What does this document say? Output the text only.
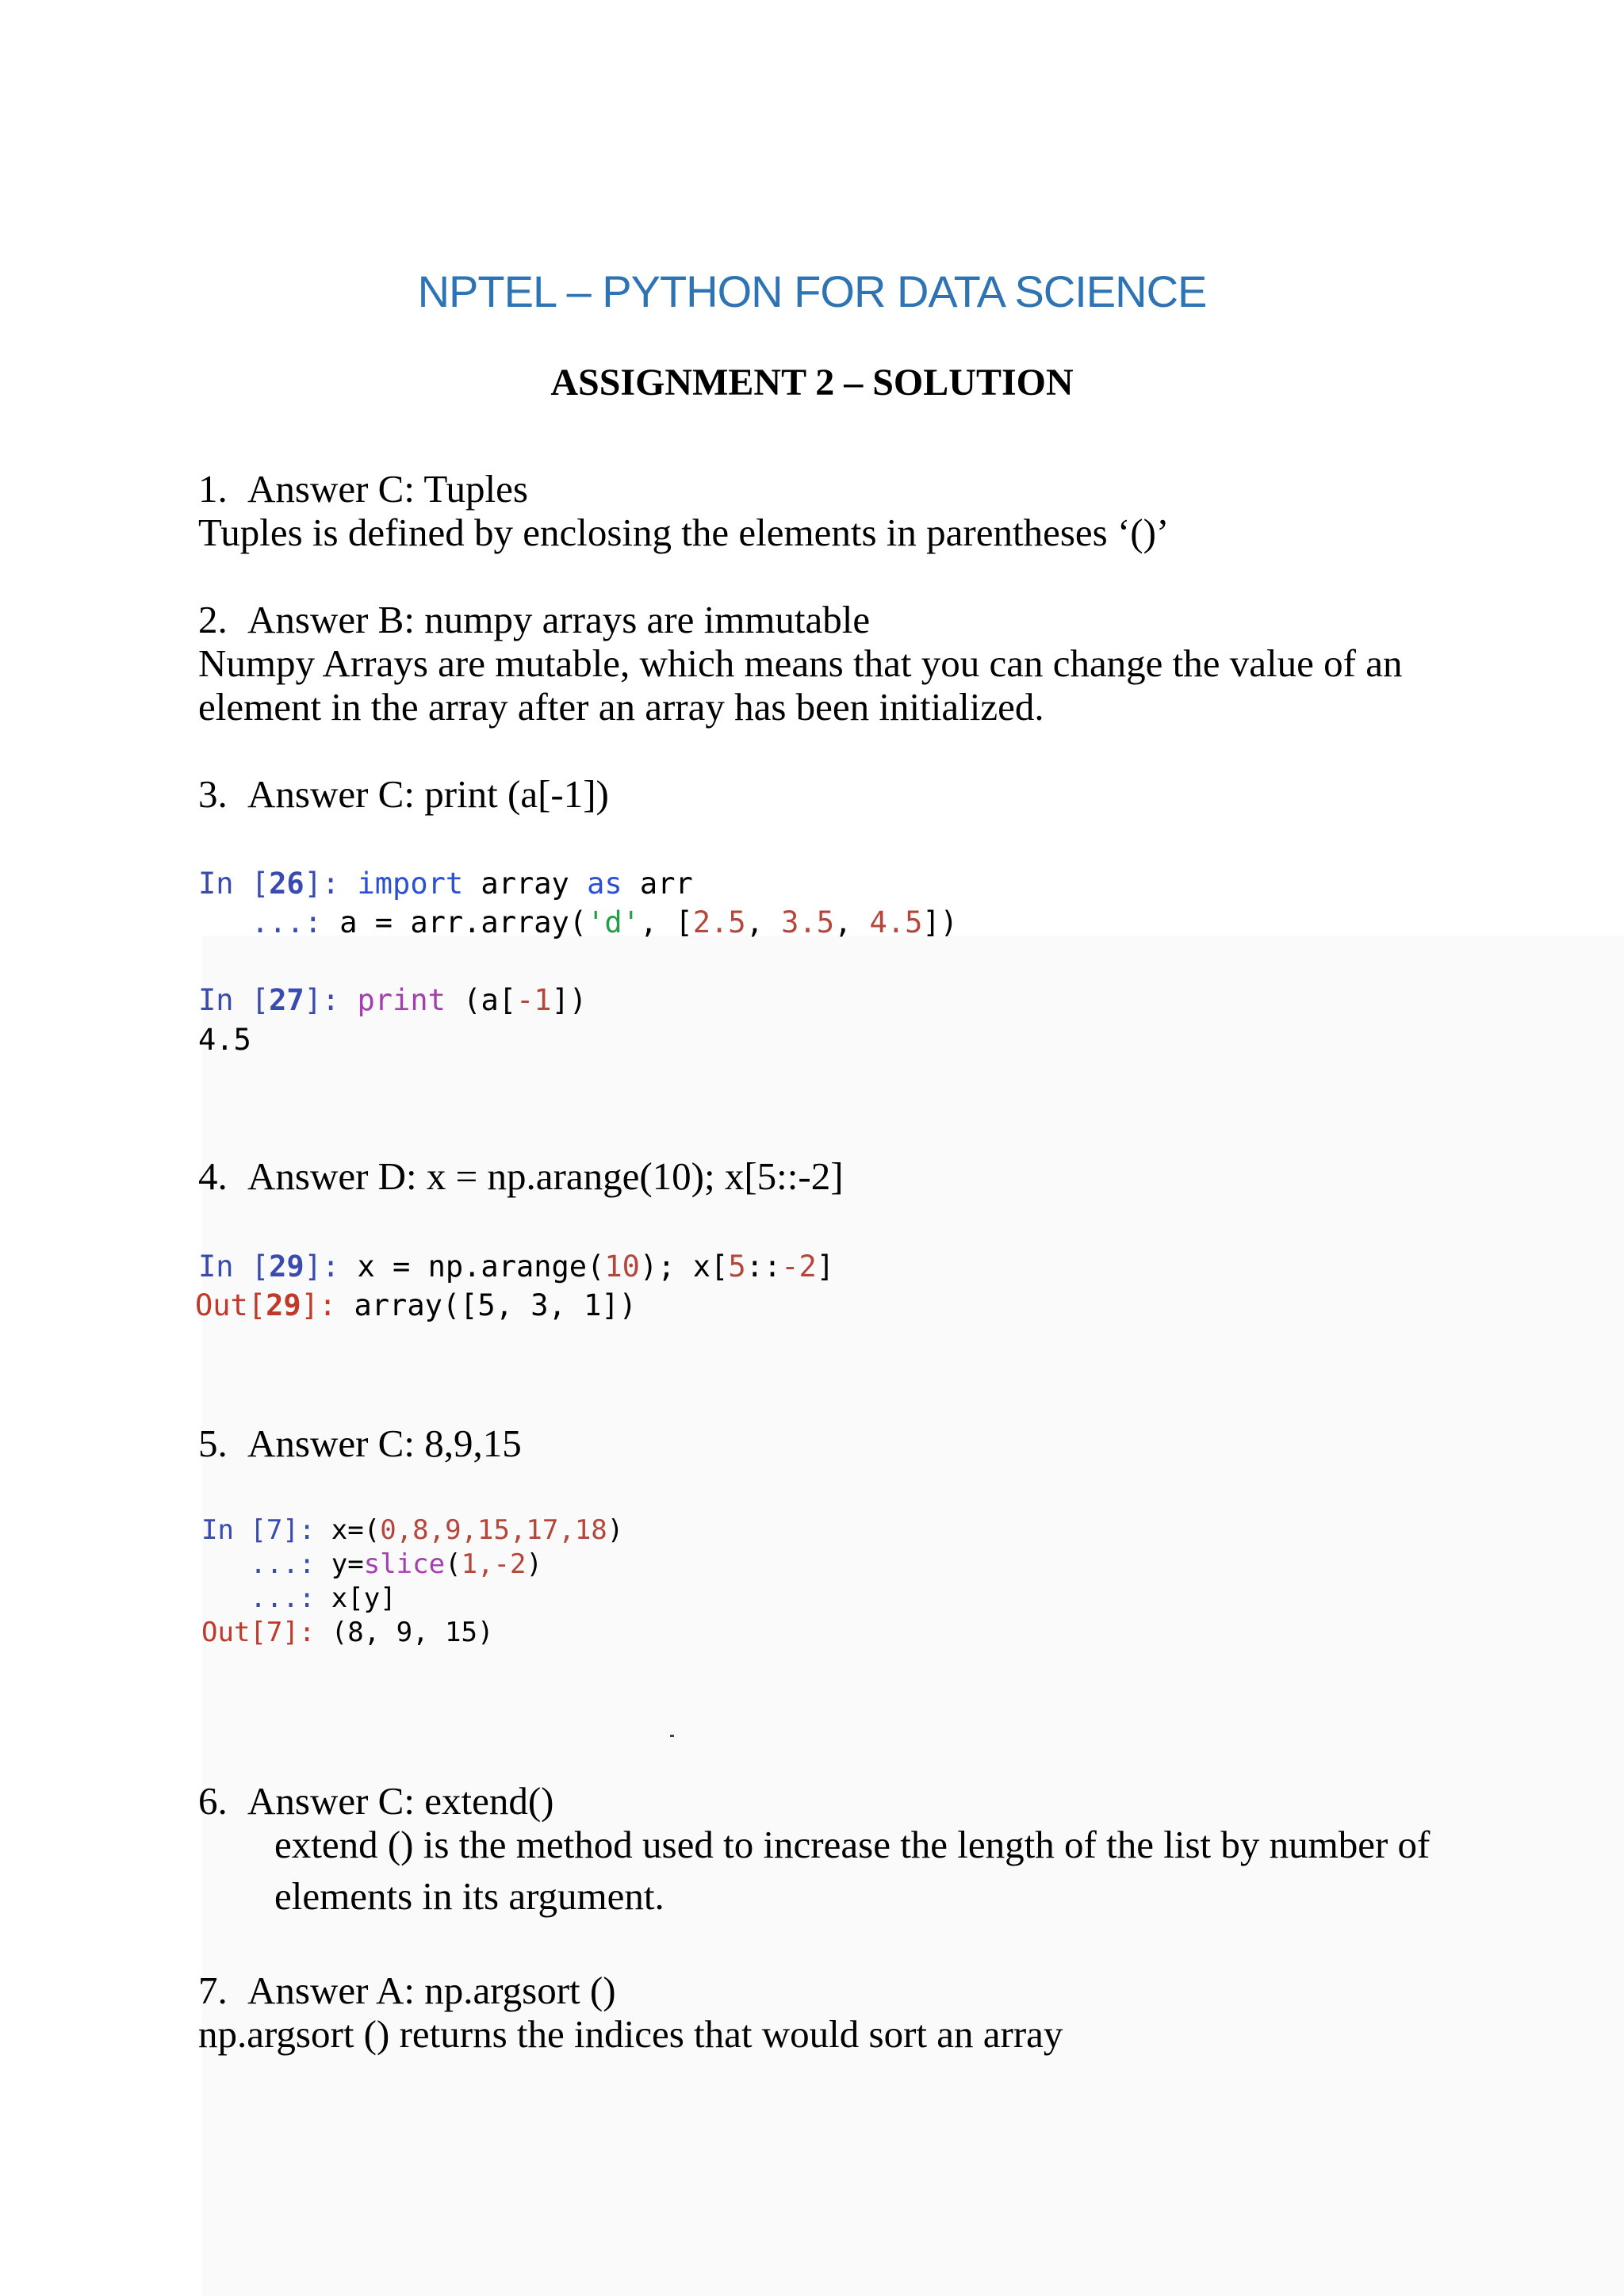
NPTEL – PYTHON FOR DATA SCIENCE
ASSIGNMENT 2 – SOLUTION
1. Answer C: Tuples
Tuples is defined by enclosing the elements in parentheses ‘()’
2. Answer B: numpy arrays are immutable
Numpy Arrays are mutable, which means that you can change the value of an
element in the array after an array has been initialized.
3. Answer C: print (a[-1])
In [26]: import array as arr
...: a = arr.array('d', [2.5, 3.5, 4.5])
In [27]: print (a[-1])
4.5
4. Answer D: x = np.arange(10); x[5::-2]
In [29]: x = np.arange(10); x[5::-2]
Out[29]: array([5, 3, 1])
5. Answer C: 8,9,15
In [7]: x=(0,8,9,15,17,18)
...: y=slice(1,-2)
...: x[y]
Out[7]: (8, 9, 15)
6. Answer C: extend()
extend () is the method used to increase the length of the list by number of
elements in its argument.
7. Answer A: np.argsort ()
np.argsort () returns the indices that would sort an array
